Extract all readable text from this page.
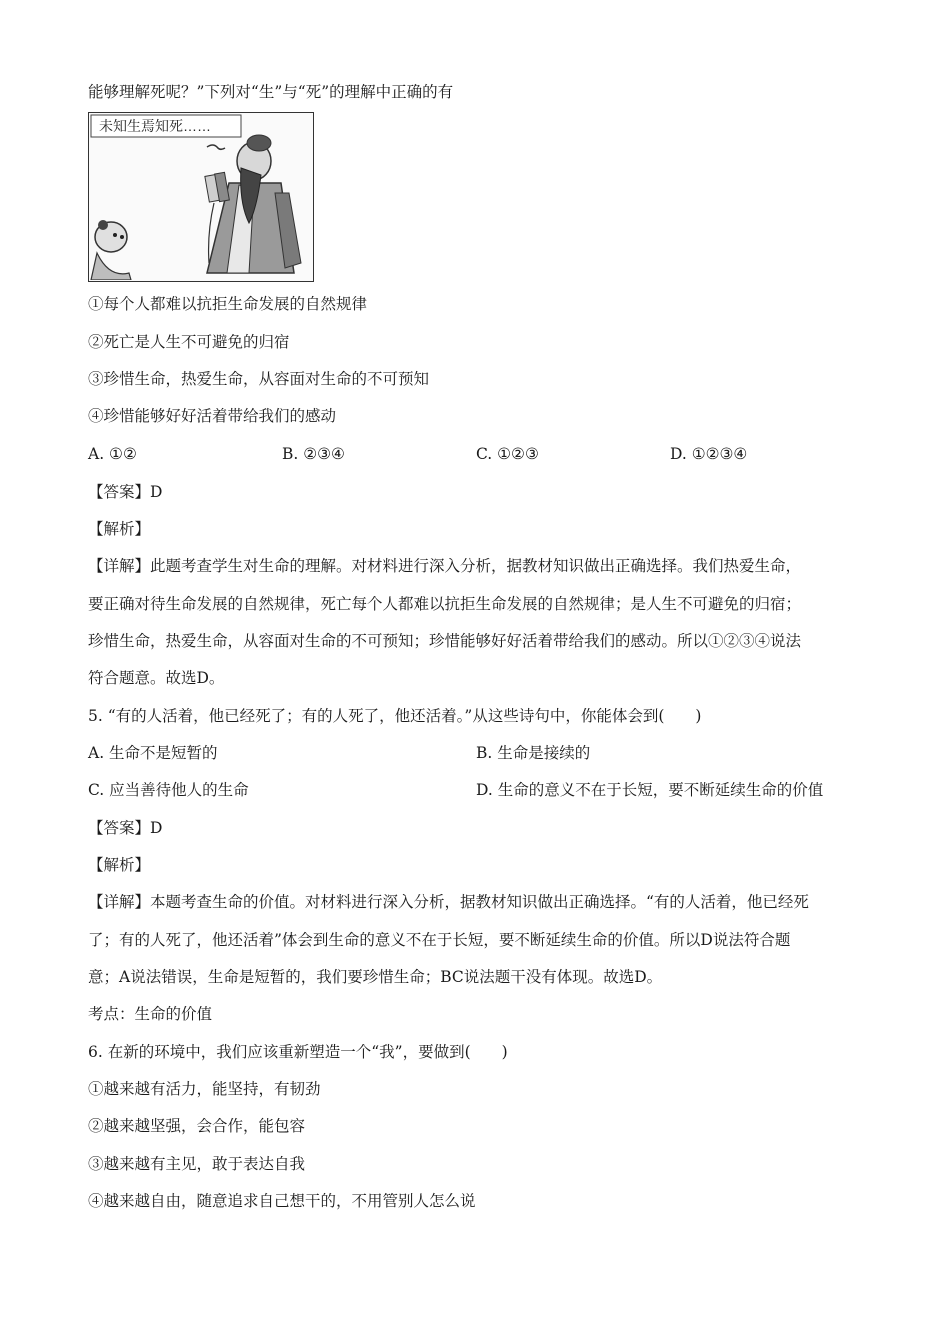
能够理解死呢？”下列对“生”与“死”的理解中正确的有
未知生焉知死……
①每个人都难以抗拒生命发展的自然规律
②死亡是人生不可避免的归宿
③珍惜生命，热爱生命，从容面对生命的不可预知
④珍惜能够好好活着带给我们的感动
A. ①②	B. ②③④	C. ①②③	D. ①②③④
【答案】D
【解析】
【详解】此题考查学生对生命的理解。对材料进行深入分析，据教材知识做出正确选择。我们热爱生命，
要正确对待生命发展的自然规律，死亡每个人都难以抗拒生命发展的自然规律；是人生不可避免的归宿；
珍惜生命，热爱生命，从容面对生命的不可预知；珍惜能够好好活着带给我们的感动。所以①②③④说法
符合题意。故选D。
5. “有的人活着，他已经死了；有的人死了，他还活着。”从这些诗句中，你能体会到(　　)
A. 生命不是短暂的	B. 生命是接续的
C. 应当善待他人的生命	D. 生命的意义不在于长短，要不断延续生命的价值
【答案】D
【解析】
【详解】本题考查生命的价值。对材料进行深入分析，据教材知识做出正确选择。“有的人活着，他已经死
了；有的人死了，他还活着”体会到生命的意义不在于长短，要不断延续生命的价值。所以D说法符合题
意；A说法错误，生命是短暂的，我们要珍惜生命；BC说法题干没有体现。故选D。
考点：生命的价值
6. 在新的环境中，我们应该重新塑造一个“我”，要做到(　　)
①越来越有活力，能坚持，有韧劲
②越来越坚强，会合作，能包容
③越来越有主见，敢于表达自我
④越来越自由，随意追求自己想干的，不用管别人怎么说
